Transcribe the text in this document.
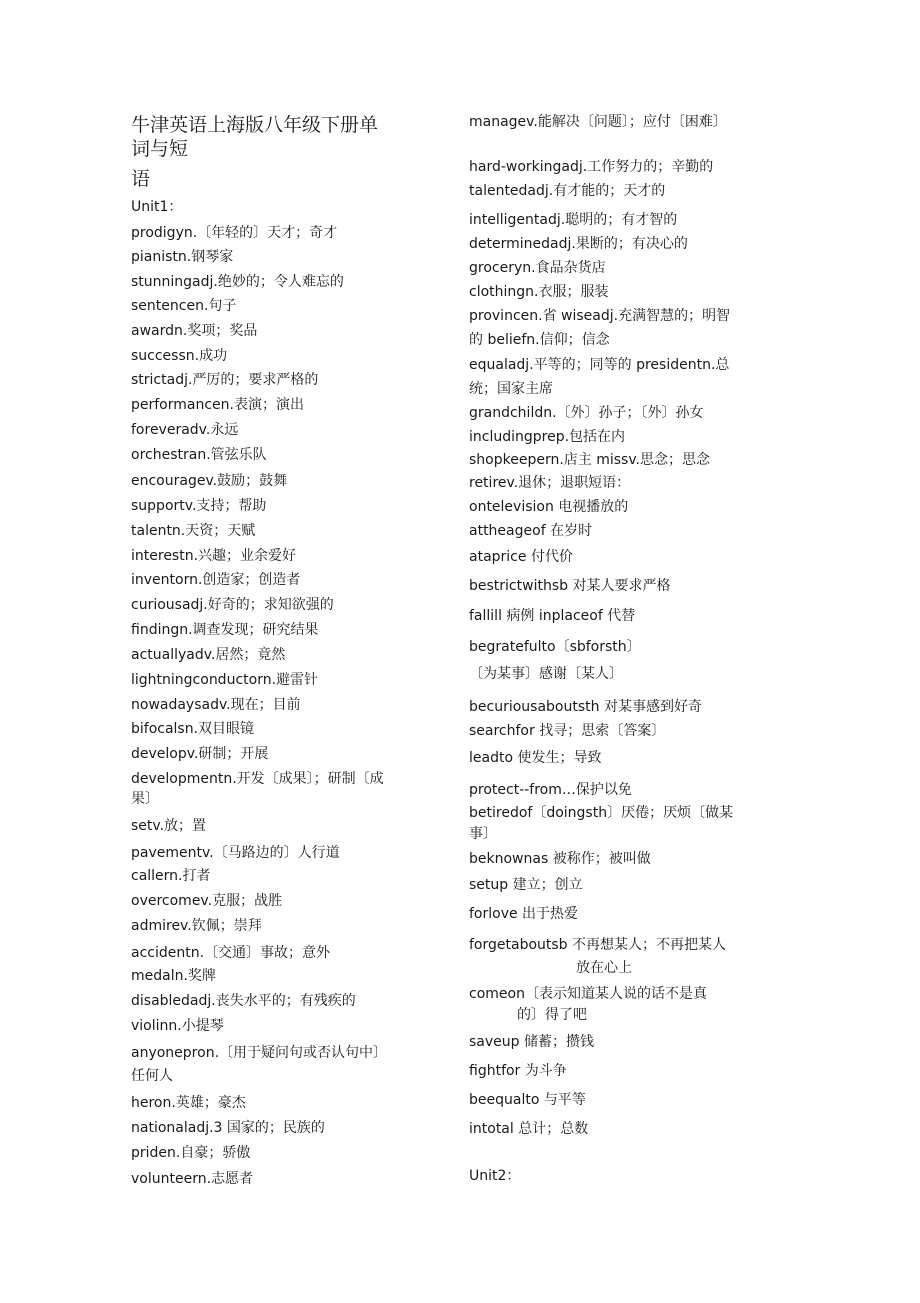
牛津英语上海版八年级下册单
词与短
语
Unit1：
prodigyn.〔年轻的〕天才；奇才
pianistn.钢琴家
stunningadj.绝妙的；令人难忘的
sentencen.句子
awardn.奖项；奖品
successn.成功
strictadj.严厉的；要求严格的
performancen.表演；演出
foreveradv.永远
orchestran.管弦乐队
encouragev.鼓励；鼓舞
supportv.支持；帮助
talentn.天资；天赋
interestn.兴趣；业余爱好
inventorn.创造家；创造者
curiousadj.好奇的；求知欲强的
findingn.调查发现；研究结果
actuallyadv.居然；竟然
lightningconductorn.避雷针
nowadaysadv.现在；目前
bifocalsn.双目眼镜
developv.研制；开展
developmentn.开发〔成果〕；研制〔成
果〕
setv.放；置
pavementv.〔马路边的〕人行道
callern.打者
overcomev.克服；战胜
admirev.钦佩；崇拜
accidentn.〔交通〕事故；意外
medaln.奖牌
disabledadj.丧失水平的；有残疾的
violinn.小提琴
anyonepron.〔用于疑问句或否认句中〕
任何人
heron.英雄；豪杰
nationaladj.3 国家的；民族的
priden.自豪；骄傲
volunteern.志愿者
managev.能解决〔问题〕；应付〔困难〕
hard-workingadj.工作努力的；辛勤的
talentedadj.有才能的；天才的
intelligentadj.聪明的；有才智的
determinedadj.果断的；有决心的
groceryn.食品杂货店
clothingn.衣服；服装
provincen.省 wiseadj.充满智慧的；明智
的 beliefn.信仰；信念
equaladj.平等的；同等的 presidentn.总
统；国家主席
grandchildn.〔外〕孙子；〔外〕孙女
includingprep.包括在内
shopkeepern.店主 missv.思念；思念
retirev.退休；退职短语：
ontelevision 电视播放的
attheageof 在岁时
ataprice 付代价
bestrictwithsb 对某人要求严格
fallill 病例 inplaceof 代替
begratefulto〔sbforsth〕
〔为某事〕感谢〔某人〕
becuriousaboutsth 对某事感到好奇
searchfor 找寻；思索〔答案〕
leadto 使发生；导致
protect--from…保护以免
betiredof〔doingsth〕厌倦；厌烦〔做某
事〕
beknownas 被称作；被叫做
setup 建立；创立
forlove 出于热爱
forgetaboutsb 不再想某人；不再把某人
放在心上
comeon〔表示知道某人说的话不是真
的〕得了吧
saveup 储蓄；攒钱
fightfor 为斗争
beequalto 与平等
intotal 总计；总数
Unit2：
